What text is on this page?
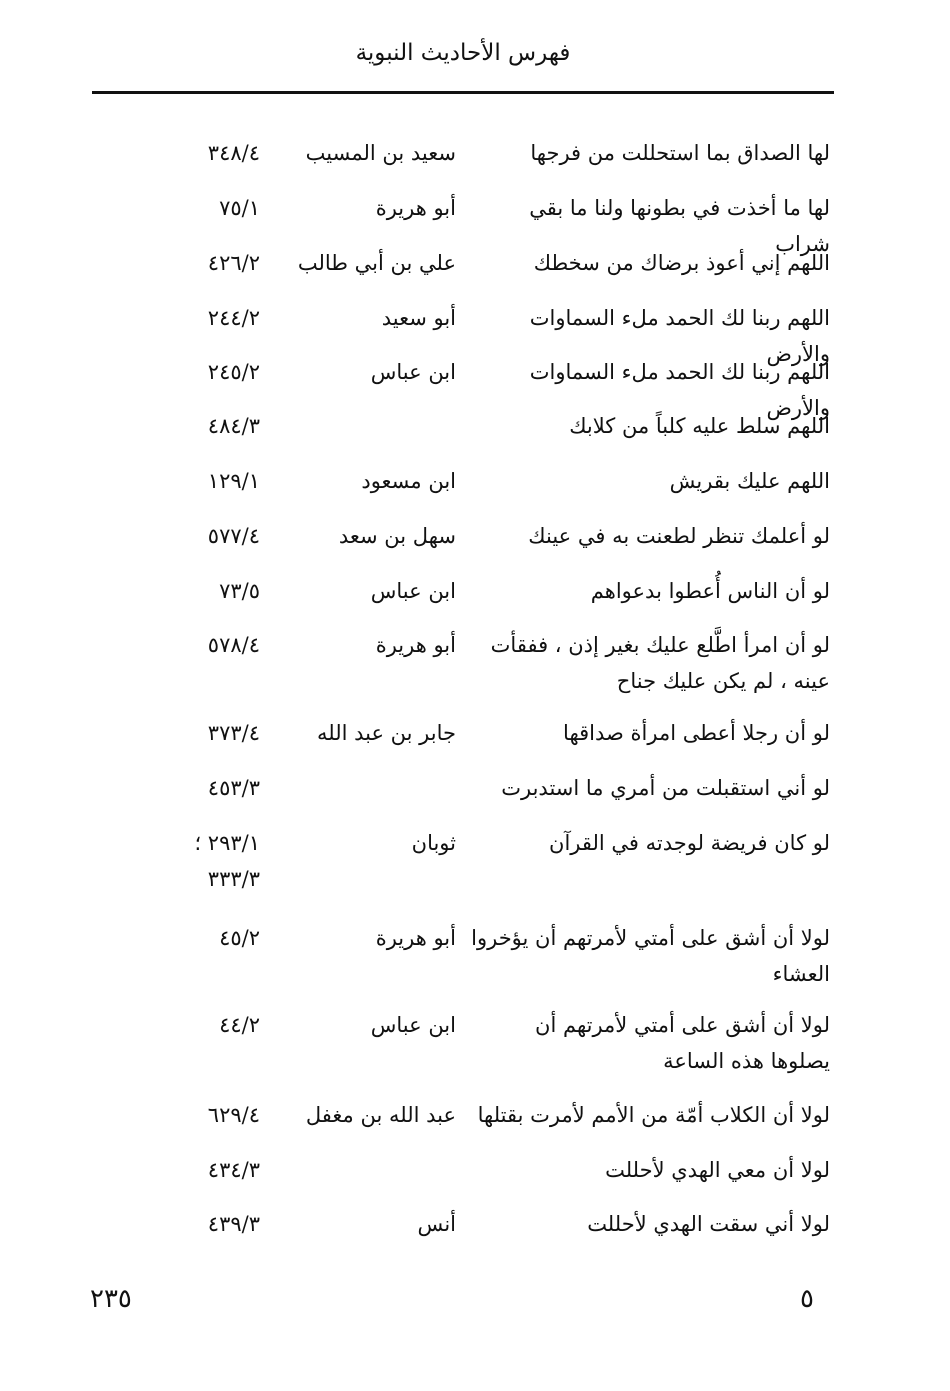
فهرس الأحاديث النبوية
لها الصداق بما استحللت من فرجها
سعيد بن المسيب
٣٤٨/٤
لها ما أخذت في بطونها ولنا ما بقي شراب
أبو هريرة
٧٥/١
اللهم إني أعوذ برضاك من سخطك
علي بن أبي طالب
٤٢٦/٢
اللهم ربنا لك الحمد ملء السماوات والأرض
أبو سعيد
٢٤٤/٢
اللهم ربنا لك الحمد ملء السماوات والأرض
ابن عباس
٢٤٥/٢
اللهم سلط عليه كلباً من كلابك
٤٨٤/٣
اللهم عليك بقريش
ابن مسعود
١٢٩/١
لو أعلمك تنظر لطعنت به في عينك
سهل بن سعد
٥٧٧/٤
لو أن الناس أُعطوا بدعواهم
ابن عباس
٧٣/٥
لو أن امرأ اطَّلع عليك بغير إذن ، ففقأت عينه ، لم يكن عليك جناح
أبو هريرة
٥٧٨/٤
لو أن رجلا أعطى امرأة صداقها
جابر بن عبد الله
٣٧٣/٤
لو أني استقبلت من أمري ما استدبرت
٤٥٣/٣
لو كان فريضة لوجدته في القرآن
ثوبان
٢٩٣/١ ؛
٣٣٣/٣
لولا أن أشق على أمتي لأمرتهم أن يؤخروا العشاء
أبو هريرة
٤٥/٢
لولا أن أشق على أمتي لأمرتهم أن يصلوها هذه الساعة
ابن عباس
٤٤/٢
لولا أن الكلاب أمّة من الأمم لأمرت بقتلها
عبد الله بن مغفل
٦٢٩/٤
لولا أن معي الهدي لأحللت
٤٣٤/٣
لولا أني سقت الهدي لأحللت
أنس
٤٣٩/٣
٢٣٥	٥
